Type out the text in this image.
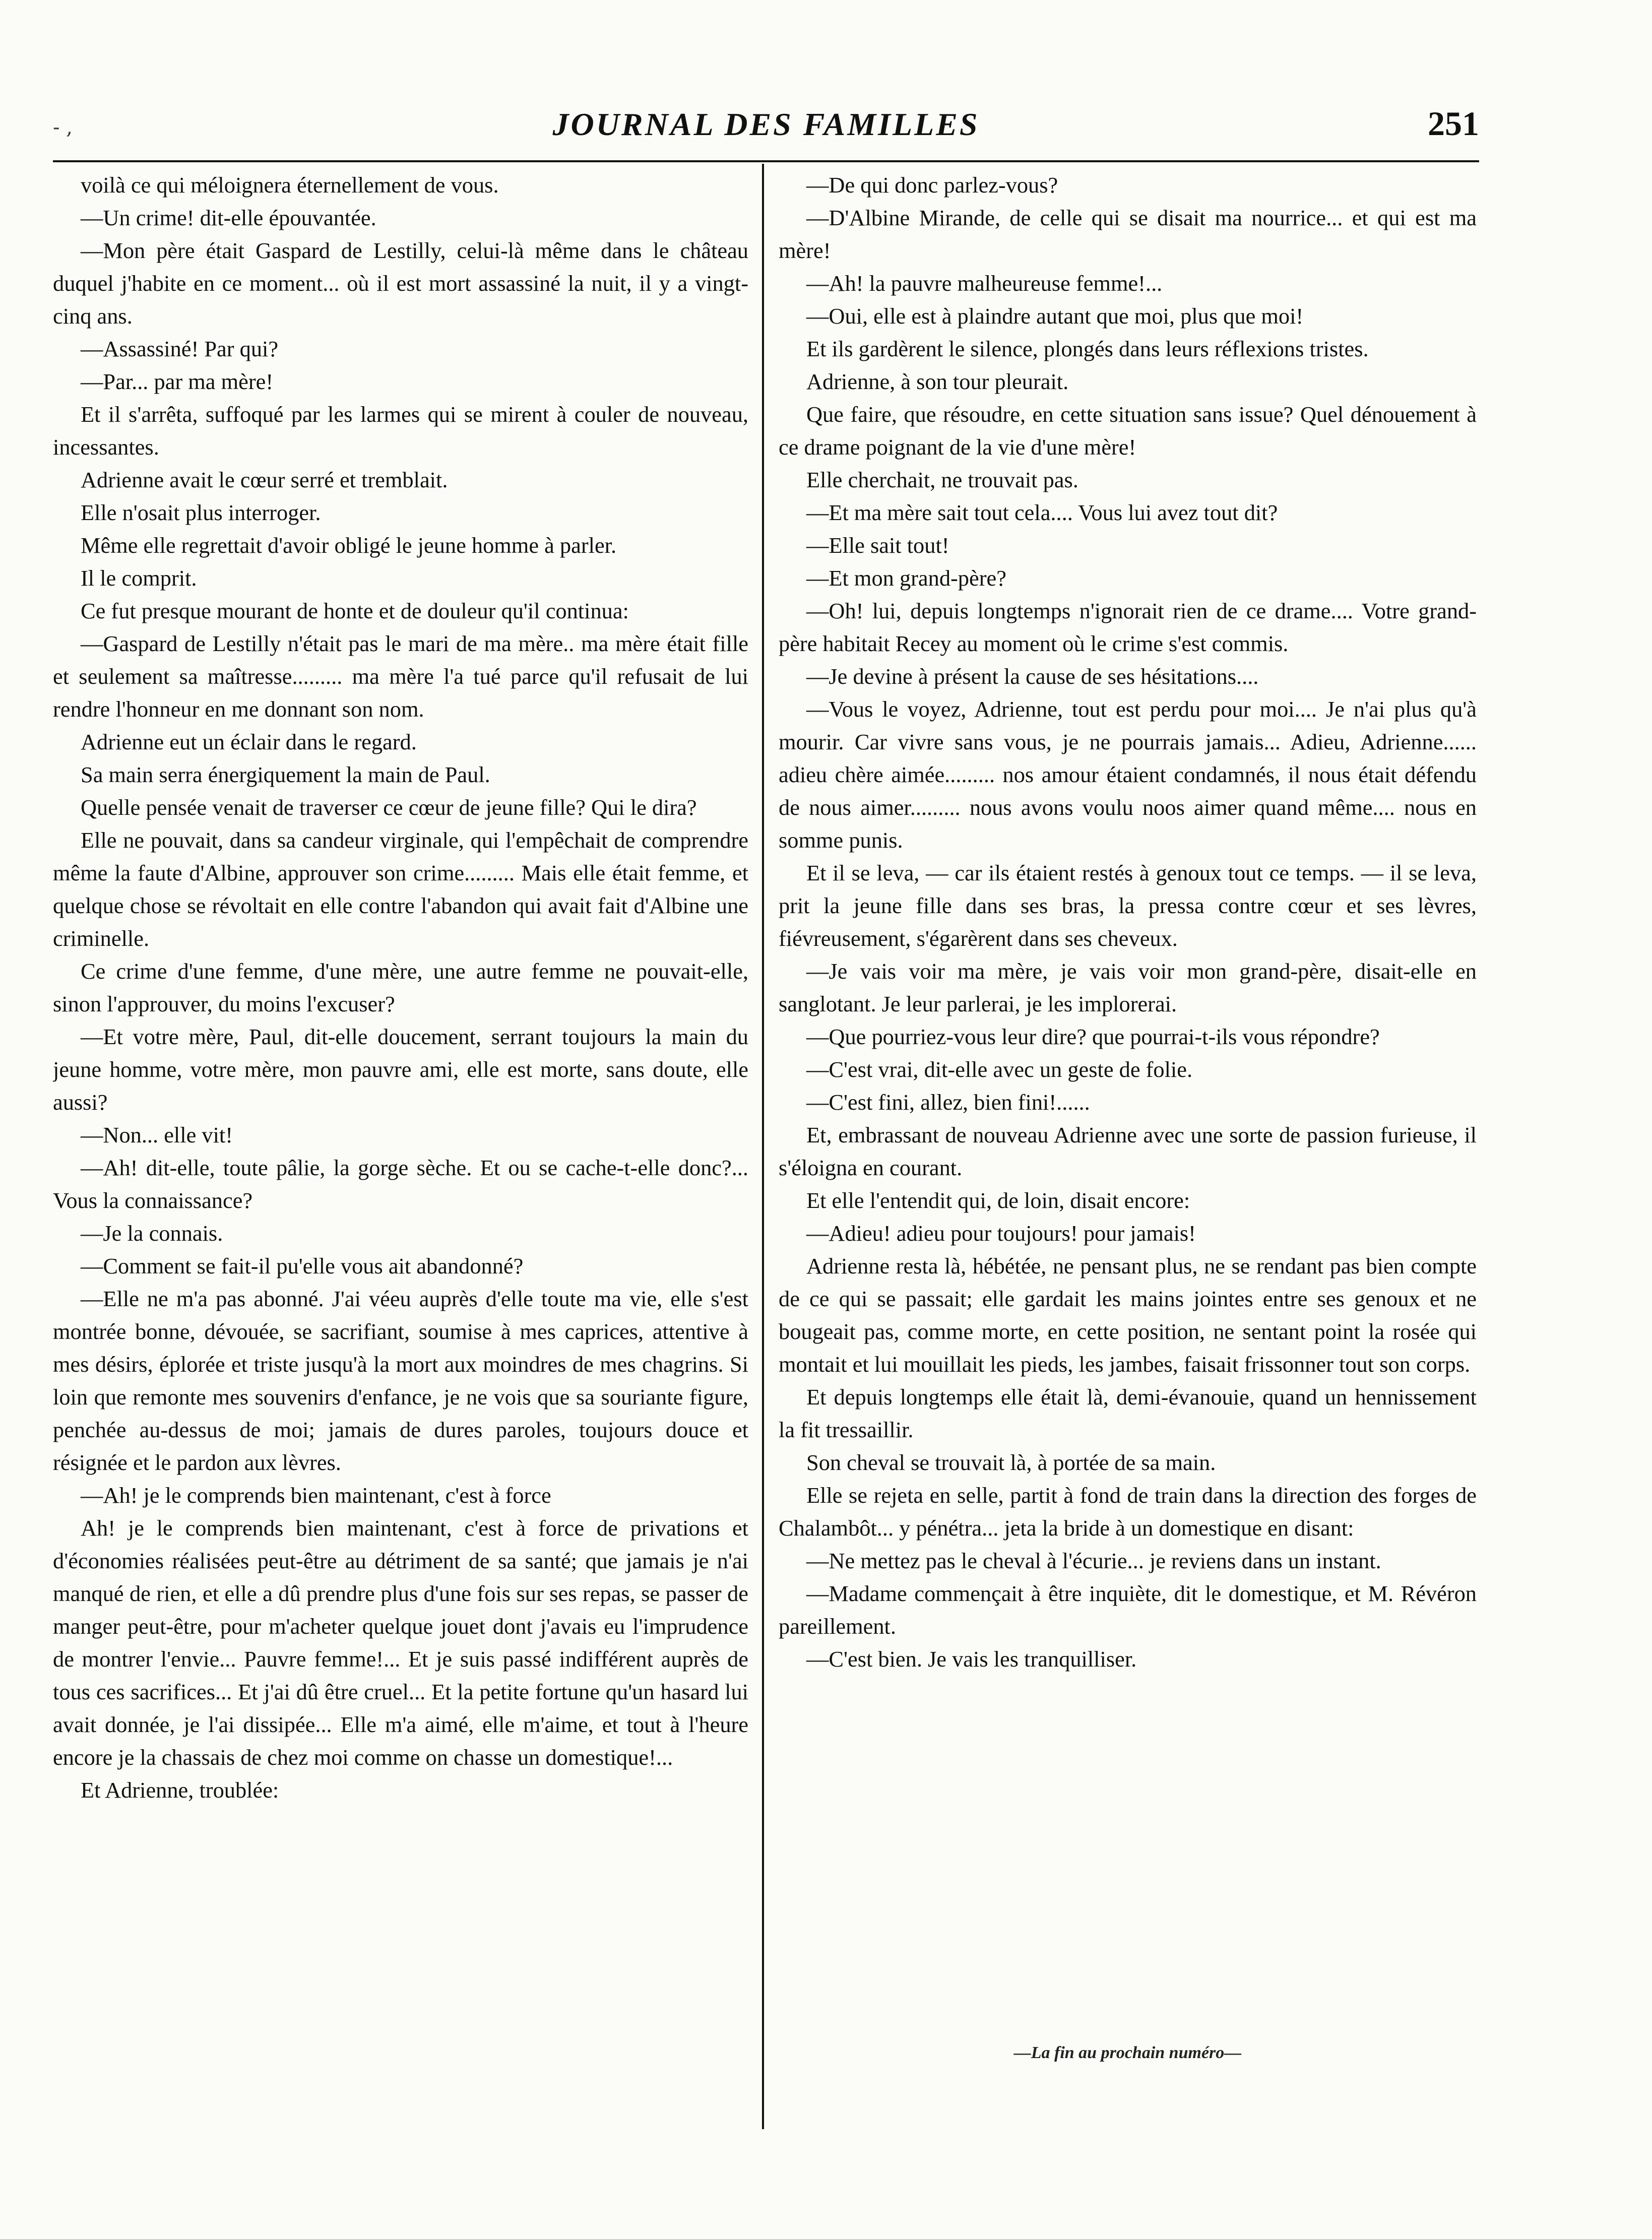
- ,	JOURNAL DES FAMILLES	251

voilà ce qui méloignera éternellement de vous.

—Un crime! dit-elle épouvantée.

—Mon père était Gaspard de Lestilly, celui-là même dans le château duquel j'habite en ce moment... où il est mort assassiné la nuit, il y a vingt-cinq ans.

—Assassiné! Par qui?

—Par... par ma mère!

Et il s'arrêta, suffoqué par les larmes qui se mirent à couler de nouveau, incessantes.

Adrienne avait le cœur serré et tremblait.

Elle n'osait plus interroger.

Même elle regrettait d'avoir obligé le jeune homme à parler.

Il le comprit.

Ce fut presque mourant de honte et de douleur qu'il continua:

—Gaspard de Lestilly n'était pas le mari de ma mère.. ma mère était fille et seulement sa maîtresse......... ma mère l'a tué parce qu'il refusait de lui rendre l'honneur en me donnant son nom.

Adrienne eut un éclair dans le regard.

Sa main serra énergiquement la main de Paul.

Quelle pensée venait de traverser ce cœur de jeune fille? Qui le dira?

Elle ne pouvait, dans sa candeur virginale, qui l'empêchait de comprendre même la faute d'Albine, approuver son crime......... Mais elle était femme, et quelque chose se révoltait en elle contre l'abandon qui avait fait d'Albine une criminelle.

Ce crime d'une femme, d'une mère, une autre femme ne pouvait-elle, sinon l'approuver, du moins l'excuser?

—Et votre mère, Paul, dit-elle doucement, serrant toujours la main du jeune homme, votre mère, mon pauvre ami, elle est morte, sans doute, elle aussi?

—Non... elle vit!

—Ah! dit-elle, toute pâlie, la gorge sèche. Et ou se cache-t-elle donc?... Vous la connaissance?

—Je la connais.

—Comment se fait-il pu'elle vous ait abandonné?

—Elle ne m'a pas abonné. J'ai véeu auprès d'elle toute ma vie, elle s'est montrée bonne, dévouée, se sacrifiant, soumise à mes caprices, attentive à mes désirs, éplorée et triste jusqu'à la mort aux moindres de mes chagrins. Si loin que remonte mes souvenirs d'enfance, je ne vois que sa souriante figure, penchée au-dessus de moi; jamais de dures paroles, toujours douce et résignée et le pardon aux lèvres.

—Ah! je le comprends bien maintenant, c'est à force

Ah! je le comprends bien maintenant, c'est à force de privations et d'économies réalisées peut-être au détriment de sa santé; que jamais je n'ai manqué de rien, et elle a dû prendre plus d'une fois sur ses repas, se passer de manger peut-être, pour m'acheter quelque jouet dont j'avais eu l'imprudence de montrer l'envie... Pauvre femme!... Et je suis passé indifférent auprès de tous ces sacrifices... Et j'ai dû être cruel... Et la petite fortune qu'un hasard lui avait donnée, je l'ai dissipée... Elle m'a aimé, elle m'aime, et tout à l'heure encore je la chassais de chez moi comme on chasse un domestique!...

Et Adrienne, troublée:

—De qui donc parlez-vous?

—D'Albine Mirande, de celle qui se disait ma nourrice... et qui est ma mère!

—Ah! la pauvre malheureuse femme!...

—Oui, elle est à plaindre autant que moi, plus que moi!

Et ils gardèrent le silence, plongés dans leurs réflexions tristes.

Adrienne, à son tour pleurait.

Que faire, que résoudre, en cette situation sans issue? Quel dénouement à ce drame poignant de la vie d'une mère!

Elle cherchait, ne trouvait pas.

—Et ma mère sait tout cela.... Vous lui avez tout dit?

—Elle sait tout!

—Et mon grand-père?

—Oh! lui, depuis longtemps n'ignorait rien de ce drame.... Votre grand-père habitait Recey au moment où le crime s'est commis.

—Je devine à présent la cause de ses hésitations....

—Vous le voyez, Adrienne, tout est perdu pour moi.... Je n'ai plus qu'à mourir. Car vivre sans vous, je ne pourrais jamais... Adieu, Adrienne...... adieu chère aimée......... nos amour étaient condamnés, il nous était défendu de nous aimer......... nous avons voulu noos aimer quand même.... nous en somme punis.

Et il se leva, — car ils étaient restés à genoux tout ce temps. — il se leva, prit la jeune fille dans ses bras, la pressa contre cœur et ses lèvres, fiévreusement, s'égarèrent dans ses cheveux.

—Je vais voir ma mère, je vais voir mon grand-père, disait-elle en sanglotant. Je leur parlerai, je les implorerai.

—Que pourriez-vous leur dire? que pourrai-t-ils vous répondre?

—C'est vrai, dit-elle avec un geste de folie.

—C'est fini, allez, bien fini!......

Et, embrassant de nouveau Adrienne avec une sorte de passion furieuse, il s'éloigna en courant.

Et elle l'entendit qui, de loin, disait encore:

—Adieu! adieu pour toujours! pour jamais!

Adrienne resta là, hébétée, ne pensant plus, ne se rendant pas bien compte de ce qui se passait; elle gardait les mains jointes entre ses genoux et ne bougeait pas, comme morte, en cette position, ne sentant point la rosée qui montait et lui mouillait les pieds, les jambes, faisait frissonner tout son corps.

Et depuis longtemps elle était là, demi-évanouie, quand un hennissement la fit tressaillir.

Son cheval se trouvait là, à portée de sa main.

Elle se rejeta en selle, partit à fond de train dans la direction des forges de Chalambôt... y pénétra... jeta la bride à un domestique en disant:

—Ne mettez pas le cheval à l'écurie... je reviens dans un instant.

—Madame commençait à être inquiète, dit le domestique, et M. Révéron pareillement.

—C'est bien. Je vais les tranquilliser.

—La fin au prochain numéro—
